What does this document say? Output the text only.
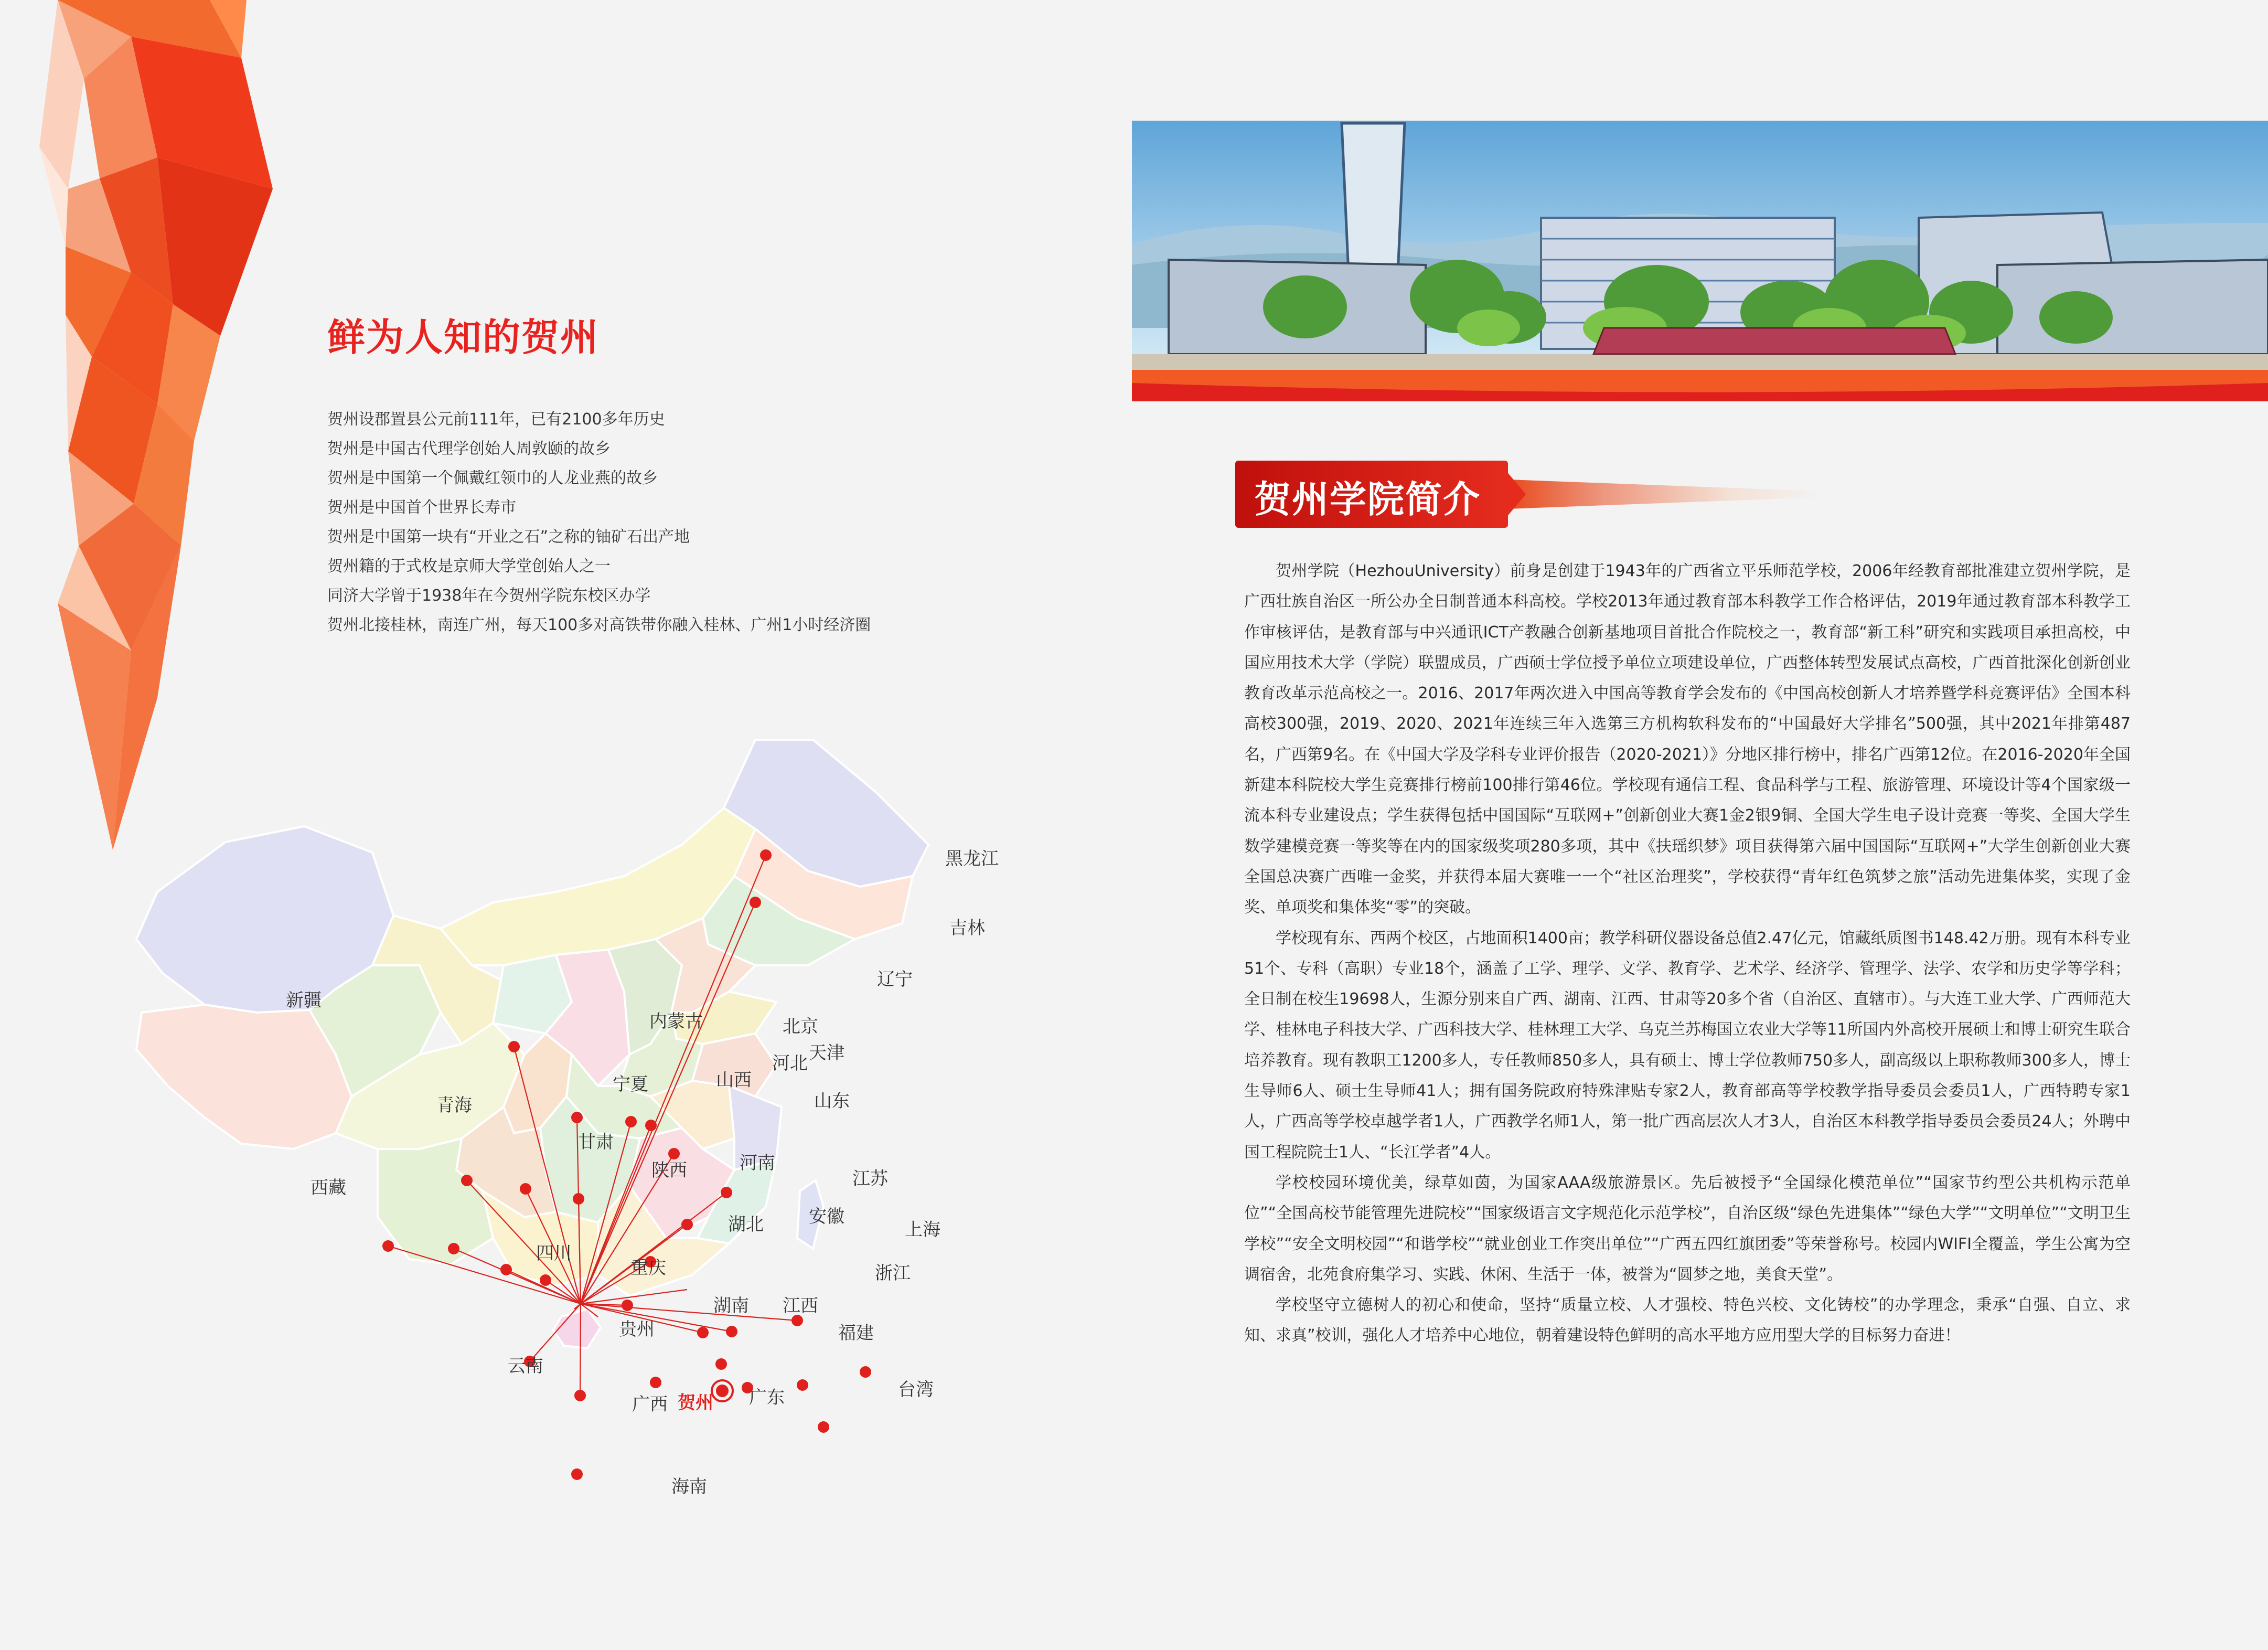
鲜为人知的贺州
贺州设郡置县公元前111年，已有2100多年历史
贺州是中国古代理学创始人周敦颐的故乡
贺州是中国第一个佩戴红领巾的人龙业燕的故乡
贺州是中国首个世界长寿市
贺州是中国第一块有“开业之石”之称的铀矿石出产地
贺州籍的于式枚是京师大学堂创始人之一
同济大学曾于1938年在今贺州学院东校区办学
贺州北接桂林，南连广州，每天100多对高铁带你融入桂林、广州1小时经济圈
黑龙江
吉林
辽宁
新疆
内蒙古	北京
天津
河北
山西
宁夏
青海	山东
甘肃
陕西	河南
江苏
西藏
湖北	安徽
上海
四川
重庆	浙江
湖南 江西
贵州	福建
云南
台湾
广西	广东
海南
贺州
贺州学院简介

贺州学院（HezhouUniversity）前身是创建于1943年的广西省立平乐师范学校，2006年经教育部批准建立贺州学院，是广西壮族自治区一所公办全日制普通本科高校。学校2013年通过教育部本科教学工作合格评估，2019年通过教育部本科教学工作审核评估，是教育部与中兴通讯ICT产教融合创新基地项目首批合作院校之一，教育部“新工科”研究和实践项目承担高校，中国应用技术大学（学院）联盟成员，广西硕士学位授予单位立项建设单位，广西整体转型发展试点高校，广西首批深化创新创业教育改革示范高校之一。2016、2017年两次进入中国高等教育学会发布的《中国高校创新人才培养暨学科竞赛评估》全国本科高校300强，2019、2020、2021年连续三年入选第三方机构软科发布的“中国最好大学排名”500强，其中2021年排第487名，广西第9名。在《中国大学及学科专业评价报告（2020-2021）》分地区排行榜中，排名广西第12位。在2016-2020年全国新建本科院校大学生竞赛排行榜前100排行第46位。学校现有通信工程、食品科学与工程、旅游管理、环境设计等4个国家级一流本科专业建设点；学生获得包括中国国际“互联网+”创新创业大赛1金2银9铜、全国大学生电子设计竞赛一等奖、全国大学生数学建模竞赛一等奖等在内的国家级奖项280多项，其中《扶瑶织梦》项目获得第六届中国国际“互联网+”大学生创新创业大赛全国总决赛广西唯一金奖，并获得本届大赛唯一一个“社区治理奖”，学校获得“青年红色筑梦之旅”活动先进集体奖，实现了金奖、单项奖和集体奖“零”的突破。

学校现有东、西两个校区，占地面积1400亩；教学科研仪器设备总值2.47亿元，馆藏纸质图书148.42万册。现有本科专业51个、专科（高职）专业18个，涵盖了工学、理学、文学、教育学、艺术学、经济学、管理学、法学、农学和历史学等学科；全日制在校生19698人，生源分别来自广西、湖南、江西、甘肃等20多个省（自治区、直辖市）。与大连工业大学、广西师范大学、桂林电子科技大学、广西科技大学、桂林理工大学、乌克兰苏梅国立农业大学等11所国内外高校开展硕士和博士研究生联合培养教育。现有教职工1200多人，专任教师850多人，具有硕士、博士学位教师750多人，副高级以上职称教师300多人，博士生导师6人、硕士生导师41人；拥有国务院政府特殊津贴专家2人，教育部高等学校教学指导委员会委员1人，广西特聘专家1人，广西高等学校卓越学者1人，广西教学名师1人，第一批广西高层次人才3人，自治区本科教学指导委员会委员24人；外聘中国工程院院士1人、“长江学者”4人。

学校校园环境优美，绿草如茵，为国家AAA级旅游景区。先后被授予“全国绿化模范单位”“国家节约型公共机构示范单位”“全国高校节能管理先进院校”“国家级语言文字规范化示范学校”，自治区级“绿色先进集体”“绿色大学”“文明单位”“文明卫生学校”“安全文明校园”“和谐学校”“就业创业工作突出单位”“广西五四红旗团委”等荣誉称号。校园内WIFI全覆盖，学生公寓为空调宿舍，北苑食府集学习、实践、休闲、生活于一体，被誉为“圆梦之地，美食天堂”。

学校坚守立德树人的初心和使命，坚持“质量立校、人才强校、特色兴校、文化铸校”的办学理念，秉承“自强、自立、求知、求真”校训，强化人才培养中心地位，朝着建设特色鲜明的高水平地方应用型大学的目标努力奋进！
